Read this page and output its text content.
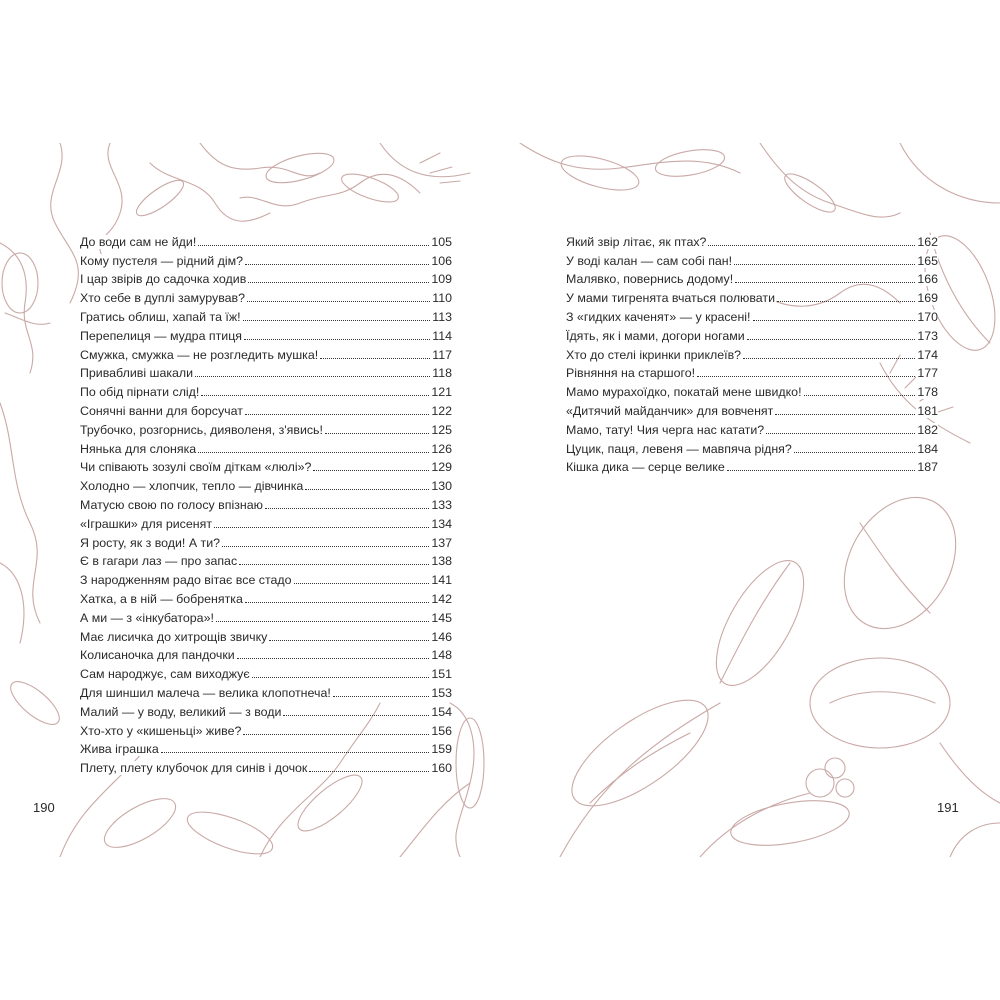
До води сам не йди!	105
Кому пустеля — рідний дім?	106
І цар звірів до садочка ходив	109
Хто себе в дуплі замурував?	110
Гратись облиш, хапай та їж!	113
Перепелиця — мудра птиця	114
Смужка, смужка — не розгледить мушка!	117
Привабливі шакали	118
По обід пірнати слід!	121
Сонячні ванни для борсучат	122
Трубочко, розгорнись, дияволеня, з'явись!	125
Нянька для слоняка	126
Чи співають зозулі своїм діткам «люлі»?	129
Холодно — хлопчик, тепло — дівчинка	130
Матусю свою по голосу впізнаю	133
«Іграшки» для рисенят	134
Я росту, як з води! А ти?	137
Є в гагари лаз — про запас	138
З народженням радо вітає все стадо	141
Хатка, а в ній — бобренятка	142
А ми — з «інкубатора»!	145
Має лисичка до хитрощів звичку	146
Колисаночка для пандочки	148
Сам народжує, сам виходжує	151
Для шиншил малеча — велика клопотнеча!	153
Малий — у воду, великий — з води	154
Хто-хто у «кишеньці» живе?	156
Жива іграшка	159
Плету, плету клубочок для синів і дочок	160
Який звір літає, як птах?	162
У воді калан — сам собі пан!	165
Малявко, повернись додому!	166
У мами тигренята вчаться полювати	169
З «гидких каченят» — у красені!	170
Їдять, як і мами, догори ногами	173
Хто до стелі ікринки приклеїв?	174
Рівняння на старшого!	177
Мамо мурахоїдко, покатай мене швидко!	178
«Дитячий майданчик» для вовченят	181
Мамо, тату! Чия черга нас катати?	182
Цуцик, паця, левеня — мавпяча рідня?	184
Кішка дика — серце велике	187
190	191
